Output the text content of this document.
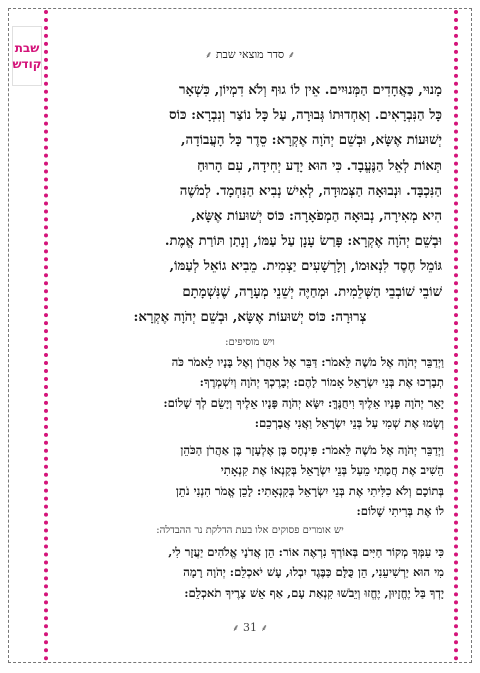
שבת
קודש
⸙ סדר מוצאי שבת ⸙
מָנוּי, כַּאֲחָדִים הַמְּנוּיִים. אֵין לוֹ גוּף וְלֹא דִמְיוֹן, כִּשְׁאָר
כָּל הַנִּבְרָאִים. וְאַחְדוּתוֹ גְּבוּרָה, עַל כָּל נוֹצַר וְנִבְרָא: כּוֹס
יְשׁוּעוֹת אֶשָּׂא, וּבְשֵׁם יְהֹוָה אֶקְרָא: סֵדֶר כָּל הָעֲבוֹדָה,
תְּאוֹת לְאֵל הַנֶּעֱבָד. כִּי הוּא יָדַע יְחִידָה, עִם הָרוּחַ
הַנִּכְבָּד. וּנְבוּאָה הַצְּמוּדָה, לְאִישׁ נְבִיא הַנִּחְמָד. לְמֹשֶׁה
הִיא מְאִירָה, נְבוּאָה הַמְפֹאָרָה: כּוֹס יְשׁוּעוֹת אֶשָּׂא,
וּבְשֵׁם יְהֹוָה אֶקְרָא: פָּרַשׂ עָנָן עַל עַמּוֹ, וְנָתַן תּוֹרַת אֱמֶת.
גּוֹמֵל חֶסֶד לִנְאוּמוֹ, וְלָרְשָׁעִים יַצְמִית. מֵבִיא גוֹאֵל לְעַמּוֹ,
שׁוֹבֵי שׁוֹבְבֵי הַשְּׁלֵמִית. וּמְחַיֶּה יְשֵׁנֵי מְעָרָה, שֶׁנִּשְׁמָתָם
צְרוּרָה: כּוֹס יְשׁוּעוֹת אֶשָּׂא, וּבְשֵׁם יְהֹוָה אֶקְרָא:
ויש מוסיפים:
וַיְדַבֵּר יְהֹוָה אֶל מֹשֶׁה לֵּאמֹר: דַּבֵּר אֶל אַהֲרֹן וְאֶל בָּנָיו לֵאמֹר כֹּה
תְבָרְכוּ אֶת בְּנֵי יִשְׂרָאֵל אָמוֹר לָהֶם: יְבָרֶכְךָ יְהֹוָה וְיִשְׁמְרֶךָ:
יָאֵר יְהֹוָה פָּנָיו אֵלֶיךָ וִיחֻנֶּךָּ: יִשָּׂא יְהֹוָה פָּנָיו אֵלֶיךָ וְיָשֵׂם לְךָ שָׁלוֹם:
וְשָׂמוּ אֶת שְׁמִי עַל בְּנֵי יִשְׂרָאֵל וַאֲנִי אֲבָרְכֵם:
וַיְדַבֵּר יְהֹוָה אֶל מֹשֶׁה לֵּאמֹר: פִּינְחָס בֶּן אֶלְעָזָר בֶּן אַהֲרֹן הַכֹּהֵן
הֵשִׁיב אֶת חֲמָתִי מֵעַל בְּנֵי יִשְׂרָאֵל בְּקַנְאוֹ אֶת קִנְאָתִי
בְּתוֹכָם וְלֹא כִלִּיתִי אֶת בְּנֵי יִשְׂרָאֵל בְּקִנְאָתִי: לָכֵן אֱמֹר הִנְנִי נֹתֵן
לוֹ אֶת בְּרִיתִי שָׁלוֹם:
יש אומרים פסוקים אלו בעת הדלקת נר ההבדלה:
כִּי עִמְּךָ מְקוֹר חַיִּים בְּאוֹרְךָ נִרְאֶה אוֹר: הֵן אֲדֹנָי אֱלֹהִים יַעֲזָר לִי,
מִי הוּא יַרְשִׁיעֵנִי, הֵן כֻּלָּם כַּבֶּגֶד יִבְלוּ, עָשׁ יֹאכְלֵם: יְהֹוָה רָמָה
יָדְךָ בַּל יֶחֱזָיוּן, יֶחֱזוּ וְיֵבֹשׁוּ קִנְאַת עָם, אַף אֵשׁ צָרֶיךָ תֹאכְלֵם:
⸙ 31 ⸙
